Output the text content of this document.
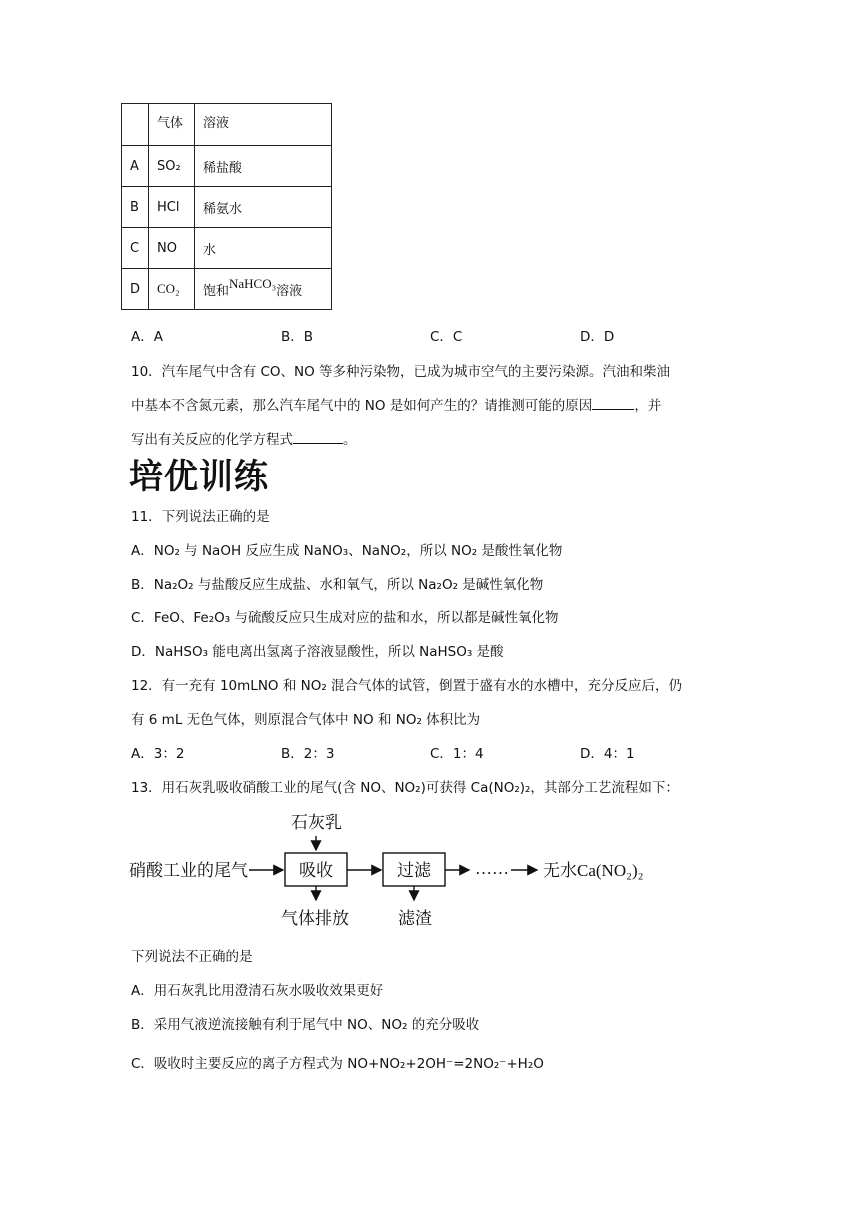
	气体	溶液
A	SO₂	稀盐酸
B	HCl	稀氨水
C	NO	水
D	CO₂	饱和NaHCO₃溶液
A．A	B．B	C．C	D．D
10．汽车尾气中含有 CO、NO 等多种污染物，已成为城市空气的主要污染源。汽油和柴油
中基本不含氮元素，那么汽车尾气中的 NO 是如何产生的？请推测可能的原因	，并
写出有关反应的化学方程式	。
培优训练
11．下列说法正确的是
A．NO₂ 与 NaOH 反应生成 NaNO₃、NaNO₂，所以 NO₂ 是酸性氧化物
B．Na₂O₂ 与盐酸反应生成盐、水和氧气，所以 Na₂O₂ 是碱性氧化物
C．FeO、Fe₂O₃ 与硫酸反应只生成对应的盐和水，所以都是碱性氧化物
D．NaHSO₃ 能电离出氢离子溶液显酸性，所以 NaHSO₃ 是酸
12．有一充有 10mLNO 和 NO₂ 混合气体的试管，倒置于盛有水的水槽中，充分反应后，仍
有 6 mL 无色气体，则原混合气体中 NO 和 NO₂ 体积比为
A．3：2	B．2：3	C．1：4	D．4：1
13．用石灰乳吸收硝酸工业的尾气(含 NO、NO₂)可获得 Ca(NO₂)₂，其部分工艺流程如下：
石灰乳
硝酸工业的尾气	吸收
气体排放
过滤
滤渣
…… 无水Ca(NO₂)₂
下列说法不正确的是
A．用石灰乳比用澄清石灰水吸收效果更好
B．采用气液逆流接触有利于尾气中 NO、NO₂ 的充分吸收
C．吸收时主要反应的离子方程式为 NO+NO₂+2OH⁻=2NO₂⁻+H₂O
